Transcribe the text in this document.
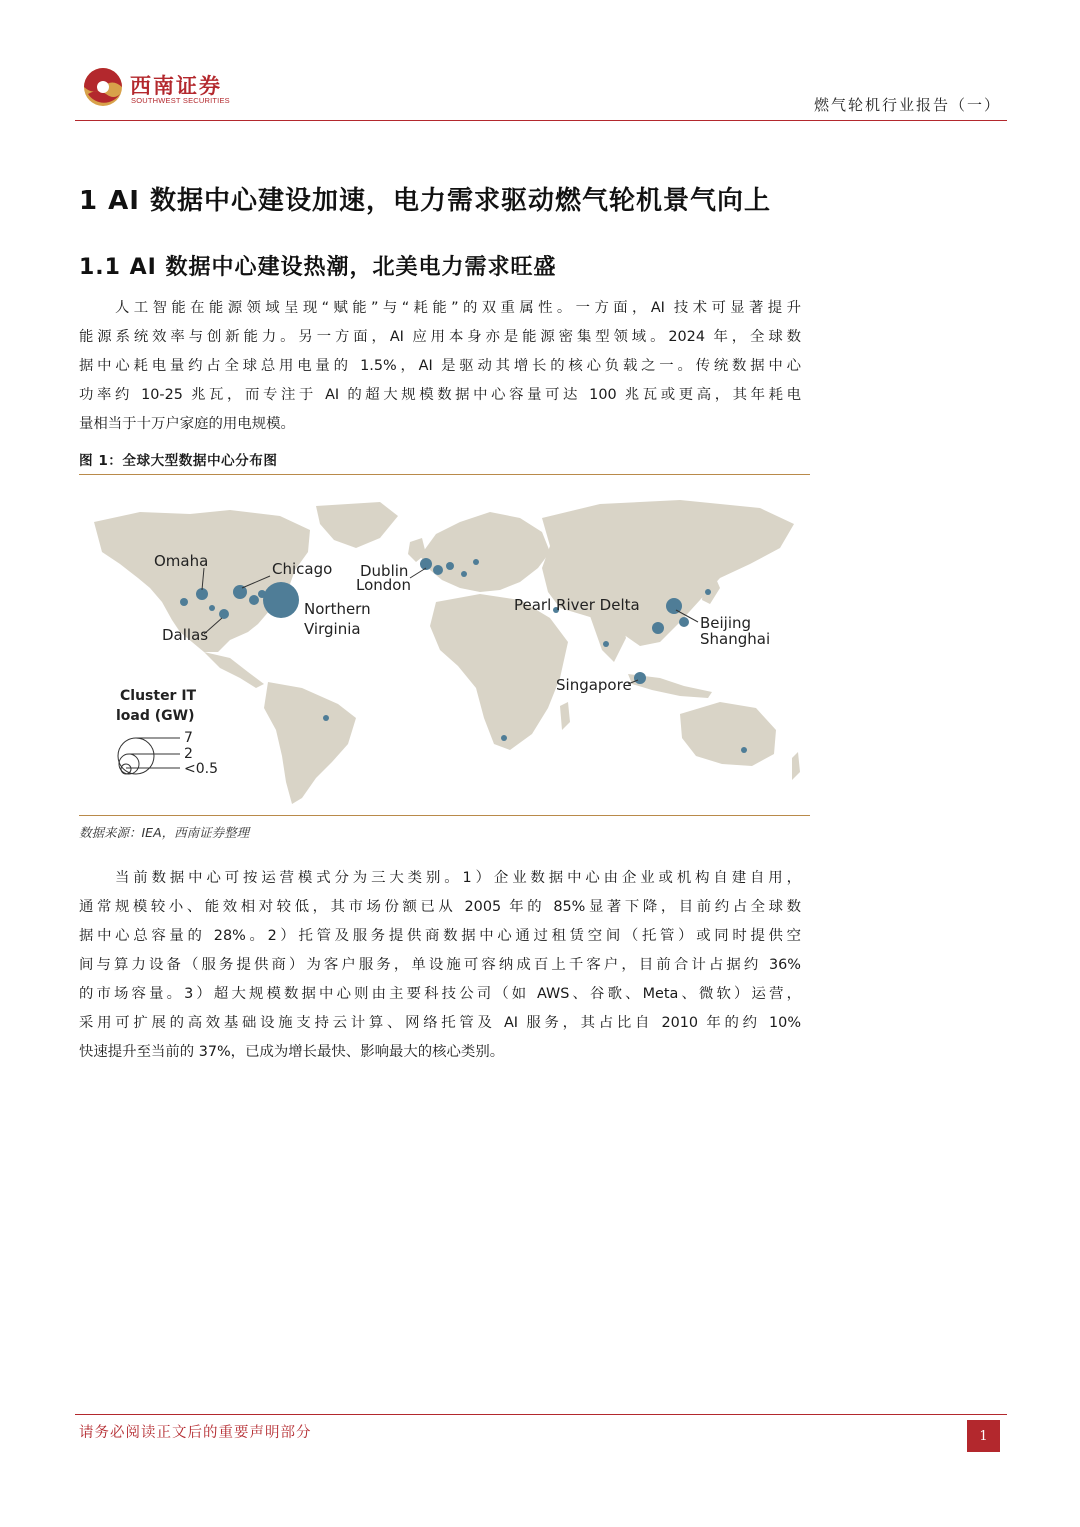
西南证券
SOUTHWEST SECURITIES	燃气轮机行业报告（一）
1 AI 数据中心建设加速，电力需求驱动燃气轮机景气向上
1.1 AI 数据中心建设热潮，北美电力需求旺盛
人工智能在能源领域呈现“赋能”与“耗能”的双重属性。一方面，AI 技术可显著提升
能源系统效率与创新能力。另一方面，AI 应用本身亦是能源密集型领域。2024 年，全球数
据中心耗电量约占全球总用电量的 1.5%，AI 是驱动其增长的核心负载之一。传统数据中心
功率约 10-25 兆瓦，而专注于 AI 的超大规模数据中心容量可达 100 兆瓦或更高，其年耗电
量相当于十万户家庭的用电规模。
图 1：全球大型数据中心分布图
Omaha	Chicago
Northern
Virginia
Dallas
Dublin
London
Pearl River Delta
Beijing
Shanghai
Singapore
Cluster IT
load (GW)
7
2
<0.5
数据来源：IEA，西南证券整理
当前数据中心可按运营模式分为三大类别。1）企业数据中心由企业或机构自建自用，
通常规模较小、能效相对较低，其市场份额已从 2005 年的 85%显著下降，目前约占全球数
据中心总容量的 28%。2）托管及服务提供商数据中心通过租赁空间（托管）或同时提供空
间与算力设备（服务提供商）为客户服务，单设施可容纳成百上千客户，目前合计占据约 36%
的市场容量。3）超大规模数据中心则由主要科技公司（如 AWS、谷歌、Meta、微软）运营，
采用可扩展的高效基础设施支持云计算、网络托管及 AI 服务，其占比自 2010 年的约 10%
快速提升至当前的 37%，已成为增长最快、影响最大的核心类别。
请务必阅读正文后的重要声明部分	1
